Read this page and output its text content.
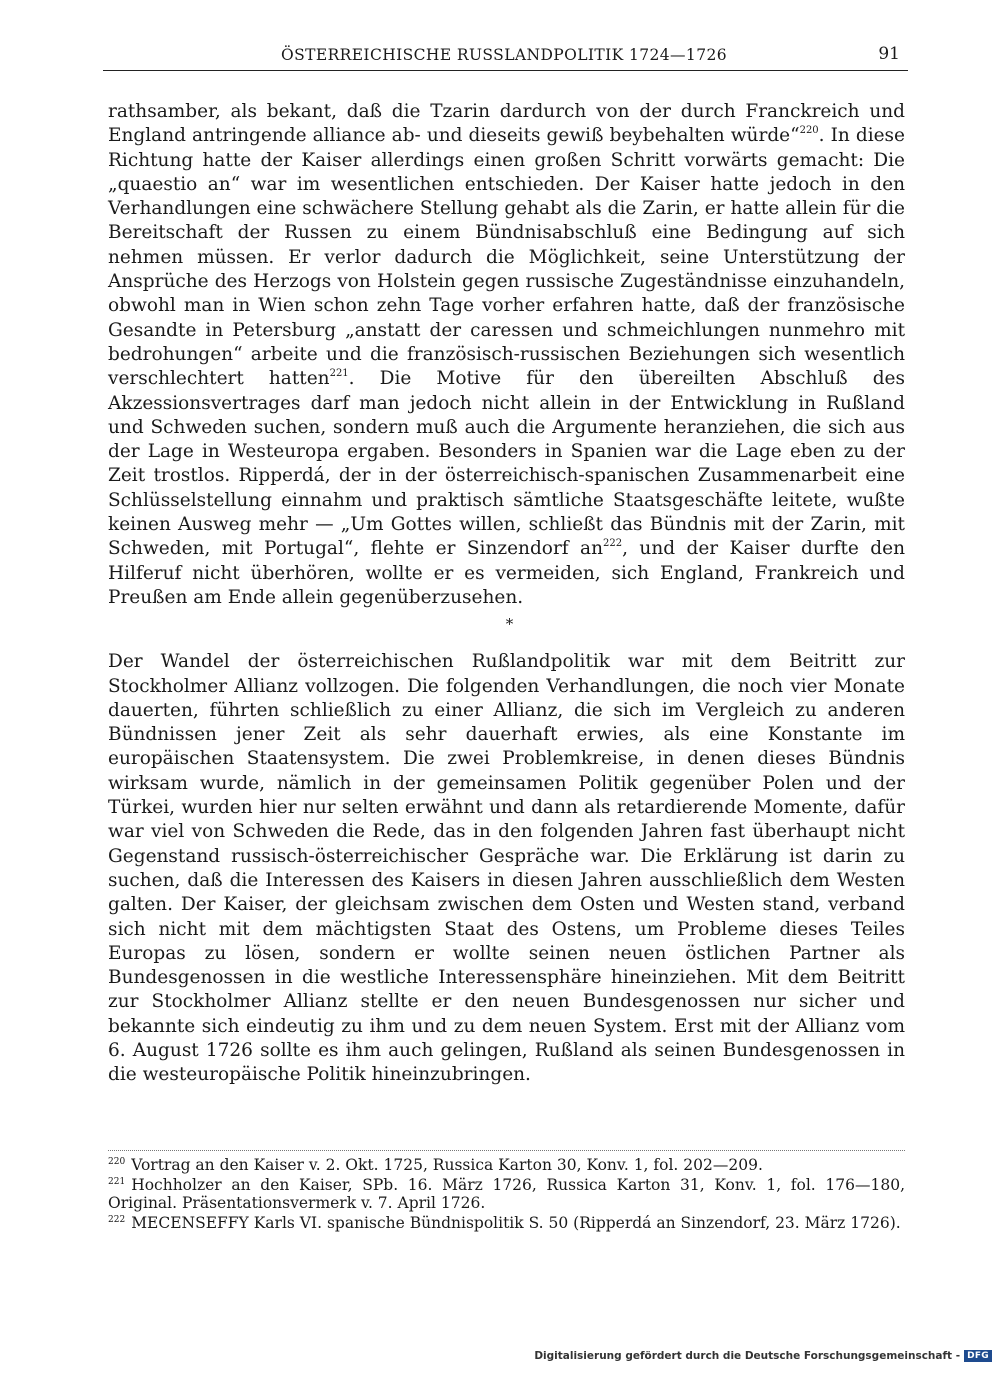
ÖSTERREICHISCHE RUSSLANDPOLITIK 1724—1726	91

rathsamber, als bekant, daß die Tzarin dardurch von der durch Franckreich und England antringende alliance ab- und dieseits gewiß beybehalten würde“$^{220}$. In diese Richtung hatte der Kaiser allerdings einen großen Schritt vorwärts gemacht: Die „quaestio an“ war im wesentlichen entschieden. Der Kaiser hatte jedoch in den Verhandlungen eine schwächere Stellung gehabt als die Zarin, er hatte allein für die Bereitschaft der Russen zu einem Bündnisabschluß eine Bedingung auf sich nehmen müssen. Er verlor dadurch die Möglichkeit, seine Unterstützung der Ansprüche des Herzogs von Holstein gegen russische Zugeständnisse einzuhandeln, obwohl man in Wien schon zehn Tage vorher erfahren hatte, daß der französische Gesandte in Petersburg „anstatt der caressen und schmeichlungen nunmehro mit bedrohungen“ arbeite und die französisch-russischen Beziehungen sich wesentlich verschlechtert hatten$^{221}$. Die Motive für den übereilten Abschluß des Akzessionsvertrages darf man jedoch nicht allein in der Entwicklung in Rußland und Schweden suchen, sondern muß auch die Argumente heranziehen, die sich aus der Lage in Westeuropa ergaben. Besonders in Spanien war die Lage eben zu der Zeit trostlos. Ripperdá, der in der österreichisch-spanischen Zusammenarbeit eine Schlüsselstellung einnahm und praktisch sämtliche Staatsgeschäfte leitete, wußte keinen Ausweg mehr — „Um Gottes willen, schließt das Bündnis mit der Zarin, mit Schweden, mit Portugal“, flehte er Sinzendorf $an^{222}$, und der Kaiser durfte den Hilferuf nicht überhören, wollte er es vermeiden, sich England, Frankreich und Preußen am Ende allein gegenüberzusehen.

*

Der Wandel der österreichischen Rußlandpolitik war mit dem Beitritt zur Stockholmer Allianz vollzogen. Die folgenden Verhandlungen, die noch vier Monate dauerten, führten schließlich zu einer Allianz, die sich im Vergleich zu anderen Bündnissen jener Zeit als sehr dauerhaft erwies, als eine Konstante im europäischen Staatensystem. Die zwei Problemkreise, in denen dieses Bündnis wirksam wurde, nämlich in der gemeinsamen Politik gegenüber Polen und der Türkei, wurden hier nur selten erwähnt und dann als retardierende Momente, dafür war viel von Schweden die Rede, das in den folgenden Jahren fast überhaupt nicht Gegenstand russisch-österreichischer Gespräche war. Die Erklärung ist darin zu suchen, daß die Interessen des Kaisers in diesen Jahren ausschließlich dem Westen galten. Der Kaiser, der gleichsam zwischen dem Osten und Westen stand, verband sich nicht mit dem mächtigsten Staat des Ostens, um Probleme dieses Teiles Europas zu lösen, sondern er wollte seinen neuen östlichen Partner als Bundesgenossen in die westliche Interessensphäre hineinziehen. Mit dem Beitritt zur Stockholmer Allianz stellte er den neuen Bundesgenossen nur sicher und bekannte sich eindeutig zu ihm und zu dem neuen System. Erst mit der Allianz vom 6. August 1726 sollte es ihm auch gelingen, Rußland als seinen Bundesgenossen in die westeuropäische Politik hineinzubringen.

$^{220}$ Vortrag an den Kaiser v. 2. Okt. 1725, Russica Karton 30, Konv. 1, fol. 202—209.
$^{221}$ Hochholzer an den Kaiser, SPb. 16. März 1726, Russica Karton 31, Konv. 1, fol. 176—180, Original. Präsentationsvermerk v. 7. April 1726.
$^{222}$ MECENSEFFY Karls VI. spanische Bündnispolitik S. 50 (Ripperdá an Sinzendorf, 23. März 1726).
Digitalisierung gefördert durch die Deutsche Forschungsgemeinschaft - DFG
